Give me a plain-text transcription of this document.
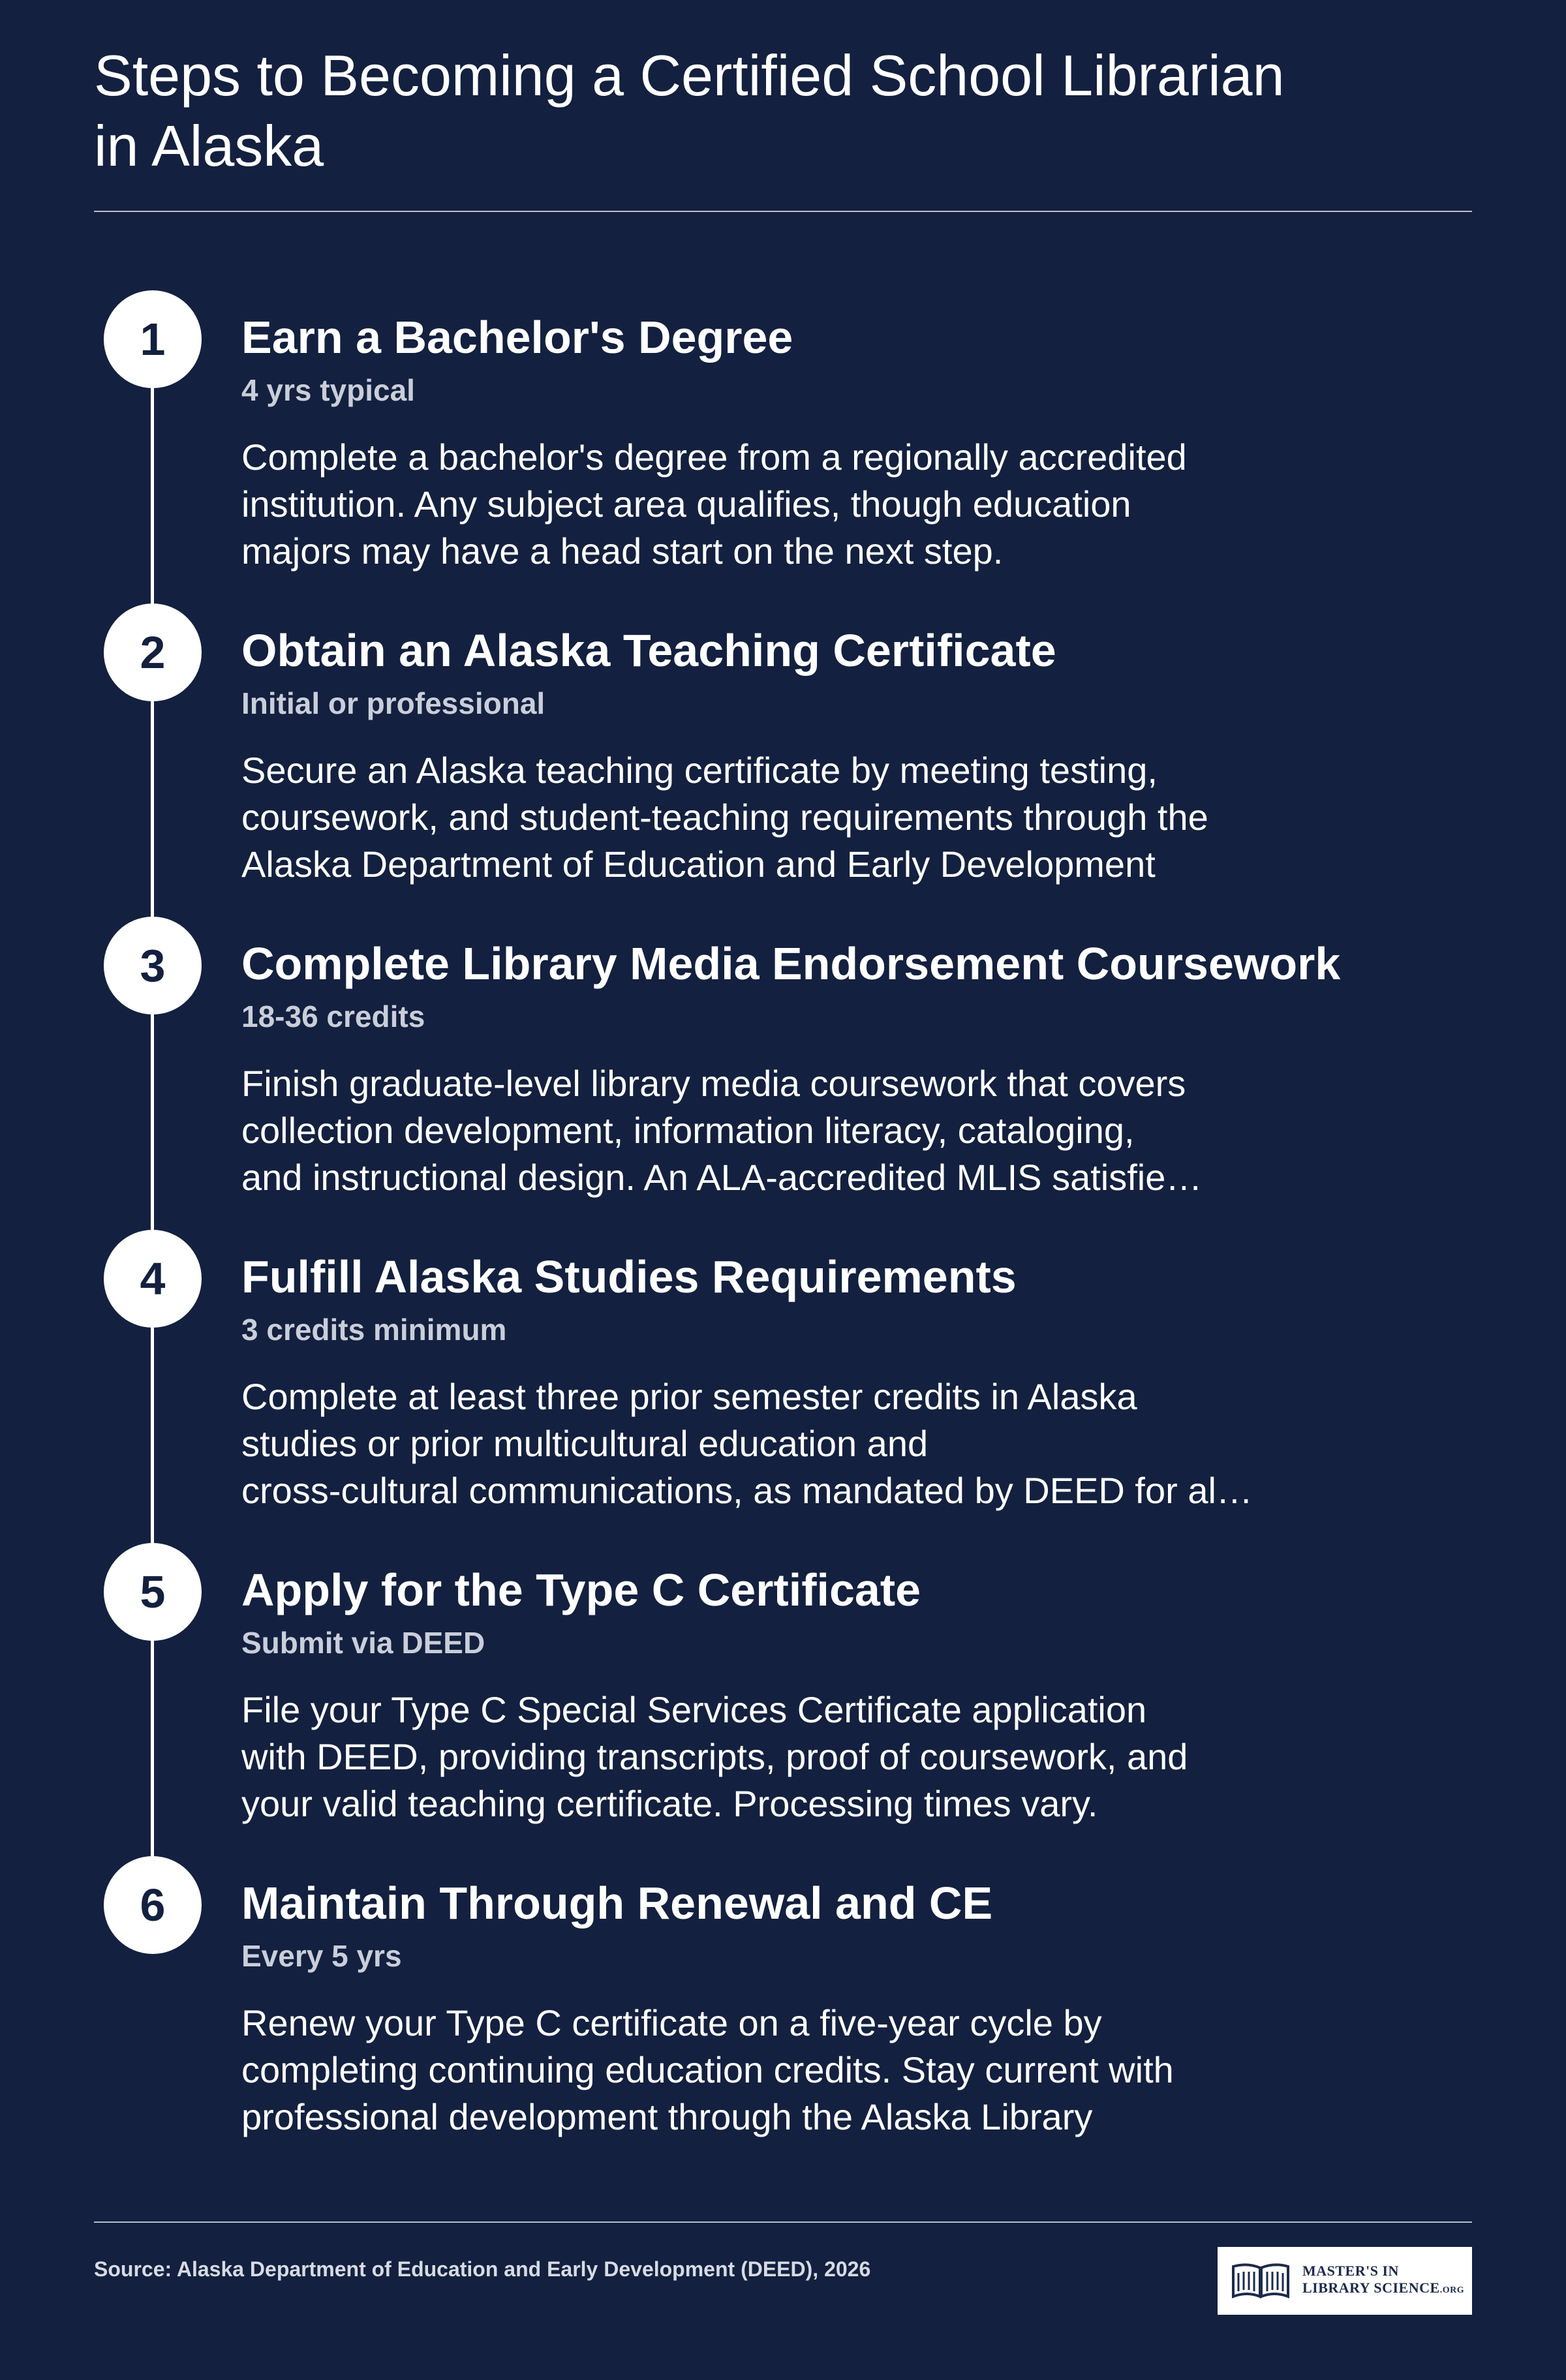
Steps to Becoming a Certified School Librarian
in Alaska
1	Earn a Bachelor's Degree
4 yrs typical
Complete a bachelor's degree from a regionally accredited
institution. Any subject area qualifies, though education
majors may have a head start on the next step.
2	Obtain an Alaska Teaching Certificate
Initial or professional
Secure an Alaska teaching certificate by meeting testing,
coursework, and student-teaching requirements through the
Alaska Department of Education and Early Development
3	Complete Library Media Endorsement Coursework
18-36 credits
Finish graduate-level library media coursework that covers
collection development, information literacy, cataloging,
and instructional design. An ALA-accredited MLIS satisfie…
4	Fulfill Alaska Studies Requirements
3 credits minimum
Complete at least three prior semester credits in Alaska
studies or prior multicultural education and
cross-cultural communications, as mandated by DEED for al…
5	Apply for the Type C Certificate
Submit via DEED
File your Type C Special Services Certificate application
with DEED, providing transcripts, proof of coursework, and
your valid teaching certificate. Processing times vary.
6	Maintain Through Renewal and CE
Every 5 yrs
Renew your Type C certificate on a five-year cycle by
completing continuing education credits. Stay current with
professional development through the Alaska Library
Source: Alaska Department of Education and Early Development (DEED), 2026	MASTER'S IN
LIBRARY SCIENCE.ORG
